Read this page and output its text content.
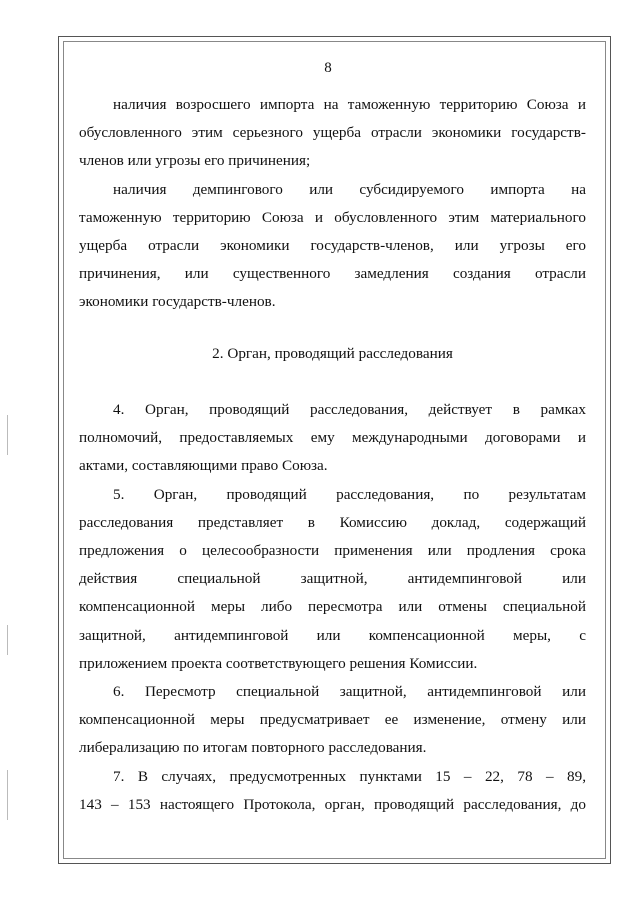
8
наличия возросшего импорта на таможенную территорию Союза и
обусловленного этим серьезного ущерба отрасли экономики государств-
членов или угрозы его причинения;
наличия демпингового или субсидируемого импорта на
таможенную территорию Союза и обусловленного этим материального
ущерба отрасли экономики государств-членов, или угрозы его
причинения, или существенного замедления создания отрасли
экономики государств-членов.
2. Орган, проводящий расследования
4. Орган, проводящий расследования, действует в рамках
полномочий, предоставляемых ему международными договорами и
актами, составляющими право Союза.
5. Орган, проводящий расследования, по результатам
расследования представляет в Комиссию доклад, содержащий
предложения о целесообразности применения или продления срока
действия	специальной	защитной,	антидемпинговой	или
компенсационной меры либо пересмотра или отмены специальной
защитной, антидемпинговой или компенсационной меры, с
приложением проекта соответствующего решения Комиссии.
6. Пересмотр специальной защитной, антидемпинговой или
компенсационной меры предусматривает ее изменение, отмену или
либерализацию по итогам повторного расследования.
7. В случаях, предусмотренных пунктами 15 – 22, 78 – 89,
143 – 153 настоящего Протокола, орган, проводящий расследования, до
